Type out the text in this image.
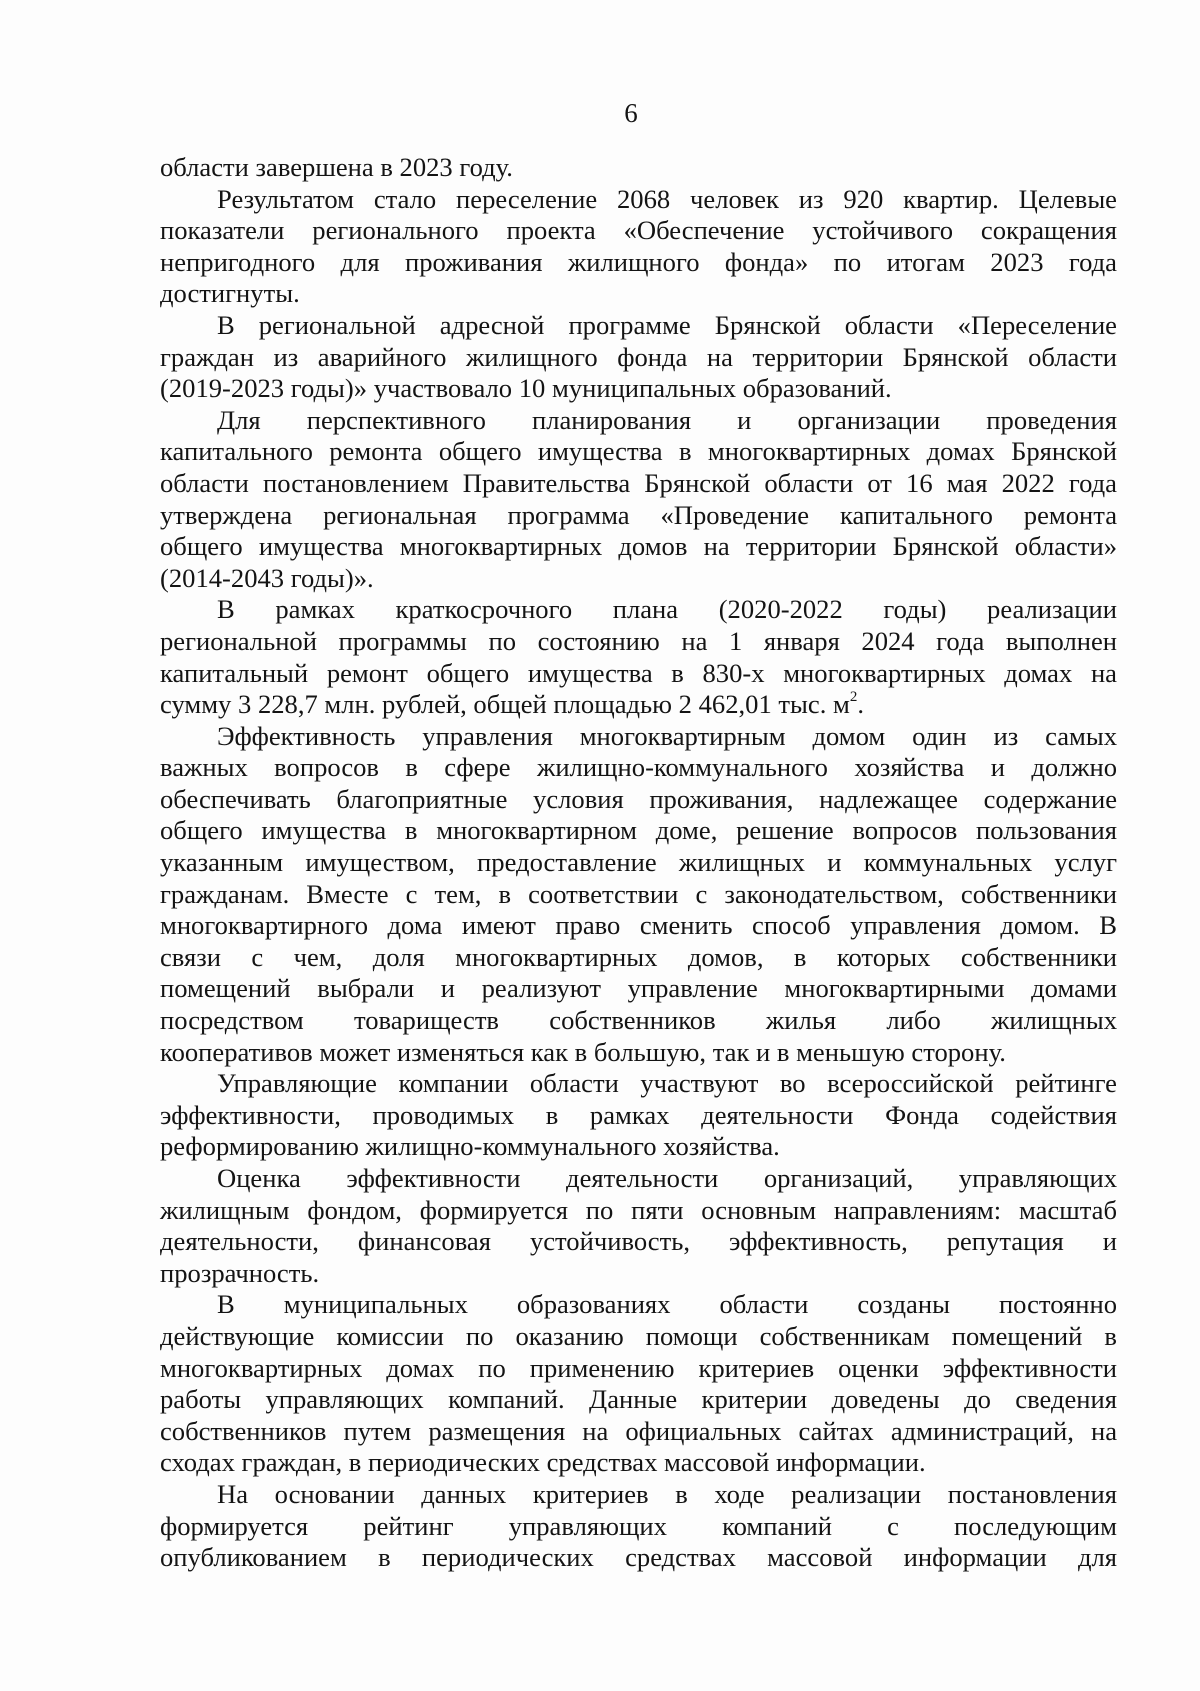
6
области завершена в 2023 году.
Результатом стало переселение 2068 человек из 920 квартир. Целевые
показатели регионального проекта «Обеспечение устойчивого сокращения
непригодного для проживания жилищного фонда» по итогам 2023 года
достигнуты.
В региональной адресной программе Брянской области «Переселение
граждан из аварийного жилищного фонда на территории Брянской области
(2019-2023 годы)» участвовало 10 муниципальных образований.
Для перспективного планирования и организации проведения
капитального ремонта общего имущества в многоквартирных домах Брянской
области постановлением Правительства Брянской области от 16 мая 2022 года
утверждена региональная программа «Проведение капитального ремонта
общего имущества многоквартирных домов на территории Брянской области»
(2014-2043 годы)».
В рамках краткосрочного плана (2020-2022 годы) реализации
региональной программы по состоянию на 1 января 2024 года выполнен
капитальный ремонт общего имущества в 830-х многоквартирных домах на
сумму 3 228,7 млн. рублей, общей площадью 2 462,01 тыс. $м^2$.
Эффективность управления многоквартирным домом один из самых
важных вопросов в сфере жилищно-коммунального хозяйства и должно
обеспечивать благоприятные условия проживания, надлежащее содержание
общего имущества в многоквартирном доме, решение вопросов пользования
указанным имуществом, предоставление жилищных и коммунальных услуг
гражданам. Вместе с тем, в соответствии с законодательством, собственники
многоквартирного дома имеют право сменить способ управления домом. В
связи с чем, доля многоквартирных домов, в которых собственники
помещений выбрали и реализуют управление многоквартирными домами
посредством товариществ собственников жилья либо жилищных
кооперативов может изменяться как в большую, так и в меньшую сторону.
Управляющие компании области участвуют во всероссийской рейтинге
эффективности, проводимых в рамках деятельности Фонда содействия
реформированию жилищно-коммунального хозяйства.
Оценка эффективности деятельности организаций, управляющих
жилищным фондом, формируется по пяти основным направлениям: масштаб
деятельности, финансовая устойчивость, эффективность, репутация и
прозрачность.
В муниципальных образованиях области созданы постоянно
действующие комиссии по оказанию помощи собственникам помещений в
многоквартирных домах по применению критериев оценки эффективности
работы управляющих компаний. Данные критерии доведены до сведения
собственников путем размещения на официальных сайтах администраций, на
сходах граждан, в периодических средствах массовой информации.
На основании данных критериев в ходе реализации постановления
формируется рейтинг управляющих компаний с последующим
опубликованием в периодических средствах массовой информации для
